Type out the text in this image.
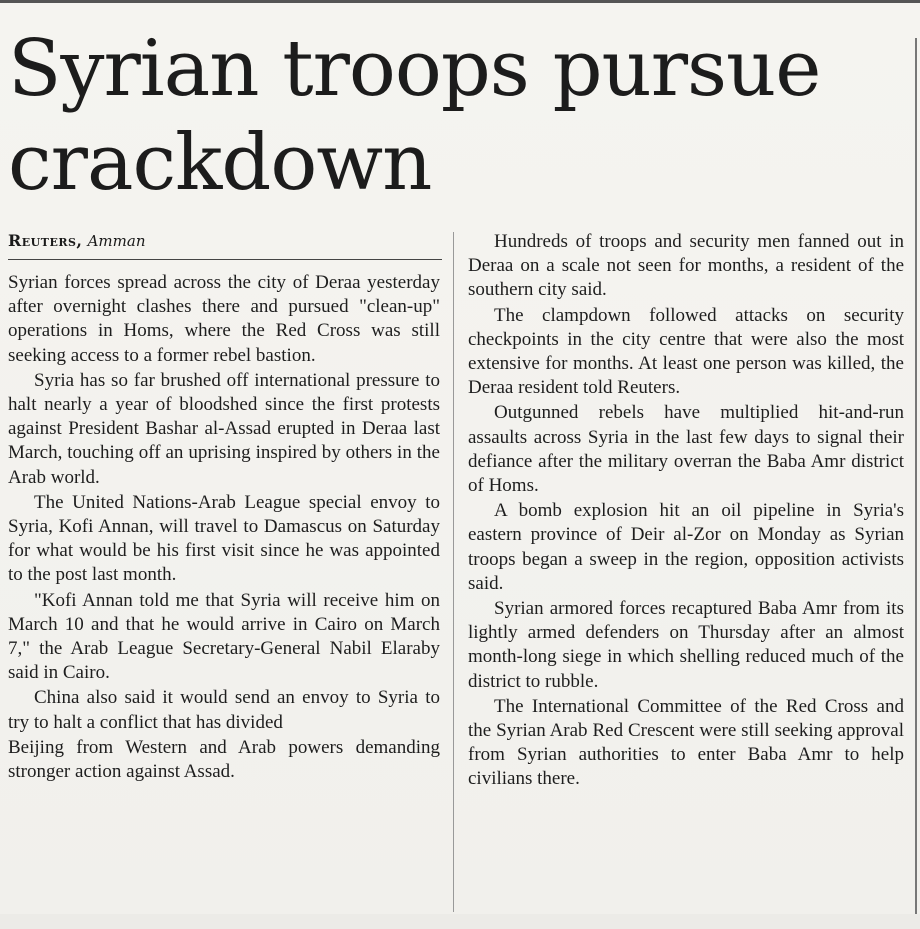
Syrian troops pursue crackdown
Reuters, Amman

Syrian forces spread across the city of Deraa yesterday after overnight clashes there and pursued "clean-up" operations in Homs, where the Red Cross was still seeking access to a former rebel bastion.

Syria has so far brushed off international pressure to halt nearly a year of bloodshed since the first protests against President Bashar al-Assad erupted in Deraa last March, touching off an uprising inspired by others in the Arab world.

The United Nations-Arab League special envoy to Syria, Kofi Annan, will travel to Damascus on Saturday for what would be his first visit since he was appointed to the post last month.

"Kofi Annan told me that Syria will receive him on March 10 and that he would arrive in Cairo on March 7," the Arab League Secretary-General Nabil Elaraby said in Cairo.

China also said it would send an envoy to Syria to try to halt a conflict that has divided

Beijing from Western and Arab powers demanding stronger action against Assad.

Hundreds of troops and security men fanned out in Deraa on a scale not seen for months, a resident of the southern city said.

The clampdown followed attacks on security checkpoints in the city centre that were also the most extensive for months. At least one person was killed, the Deraa resident told Reuters.

Outgunned rebels have multiplied hit-and-run assaults across Syria in the last few days to signal their defiance after the military overran the Baba Amr district of Homs.

A bomb explosion hit an oil pipeline in Syria's eastern province of Deir al-Zor on Monday as Syrian troops began a sweep in the region, opposition activists said.

Syrian armored forces recaptured Baba Amr from its lightly armed defenders on Thursday after an almost month-long siege in which shelling reduced much of the district to rubble.

The International Committee of the Red Cross and the Syrian Arab Red Crescent were still seeking approval from Syrian authorities to enter Baba Amr to help civilians there.
